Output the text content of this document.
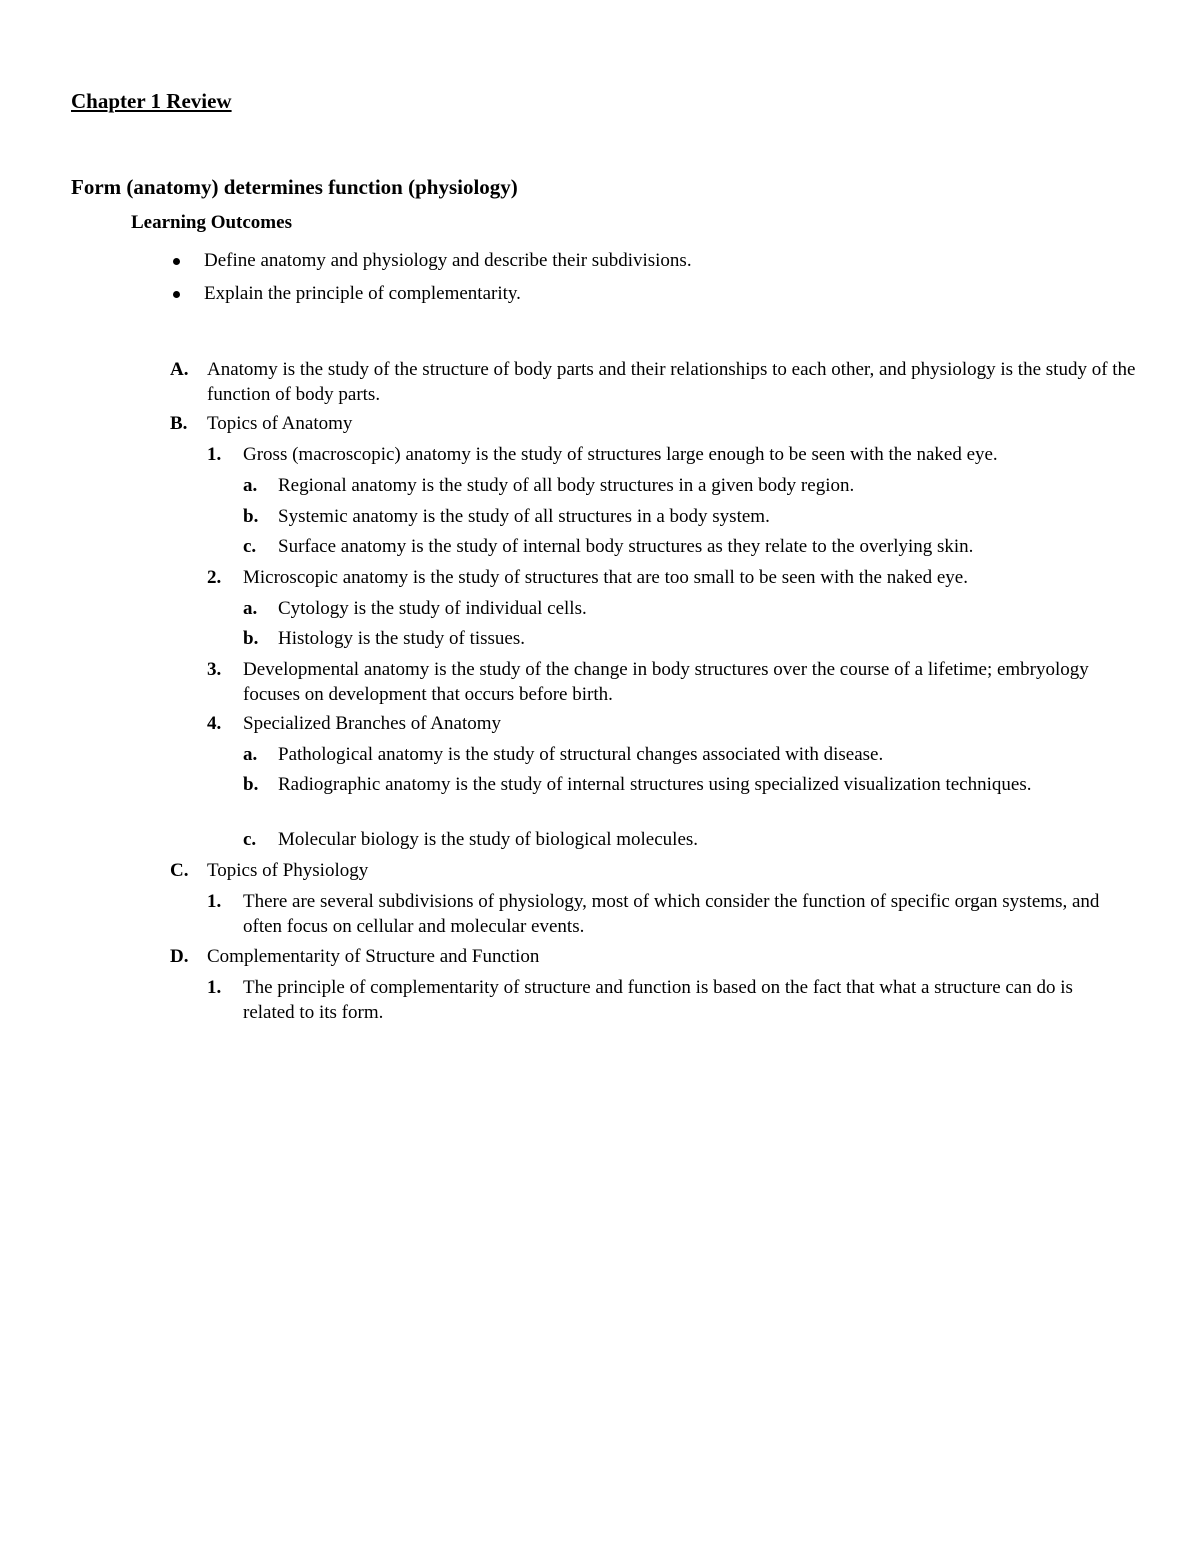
Chapter 1 Review
Form (anatomy) determines function (physiology)
Learning Outcomes
Define anatomy and physiology and describe their subdivisions.
Explain the principle of complementarity.
A. Anatomy is the study of the structure of body parts and their relationships to each other, and physiology is the study of the function of body parts.
B. Topics of Anatomy
1. Gross (macroscopic) anatomy is the study of structures large enough to be seen with the naked eye.
a. Regional anatomy is the study of all body structures in a given body region.
b. Systemic anatomy is the study of all structures in a body system.
c. Surface anatomy is the study of internal body structures as they relate to the overlying skin.
2. Microscopic anatomy is the study of structures that are too small to be seen with the naked eye.
a. Cytology is the study of individual cells.
b. Histology is the study of tissues.
3. Developmental anatomy is the study of the change in body structures over the course of a lifetime; embryology focuses on development that occurs before birth.
4. Specialized Branches of Anatomy
a. Pathological anatomy is the study of structural changes associated with disease.
b. Radiographic anatomy is the study of internal structures using specialized visualization techniques.
c. Molecular biology is the study of biological molecules.
C. Topics of Physiology
1. There are several subdivisions of physiology, most of which consider the function of specific organ systems, and often focus on cellular and molecular events.
D. Complementarity of Structure and Function
1. The principle of complementarity of structure and function is based on the fact that what a structure can do is related to its form.
